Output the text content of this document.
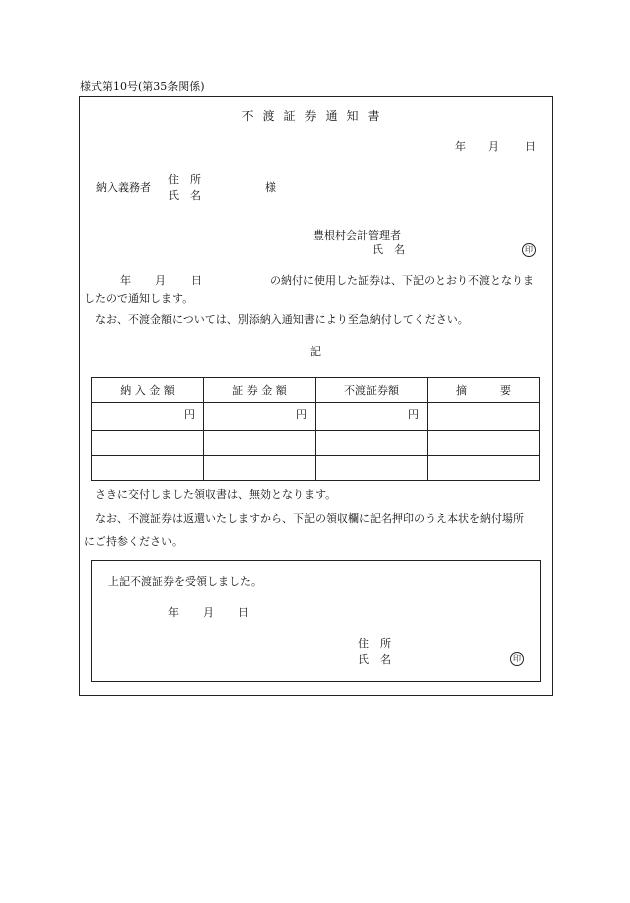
様式第10号(第35条関係)
不渡証券通知書
年 月 日
納入義務者
住　所
氏　名
様
豊根村会計管理者
氏　名	印
年 月 日	の納付に使用した証券は、下記のとおり不渡となりま
したので通知します。
なお、不渡金額については、別添納入通知書により至急納付してください。
記
納 入 金 額	証 券 金 額	不渡証券額	摘　　　要
円	円	円	

さきに交付しました領収書は、無効となります。
なお、不渡証券は返還いたしますから、下記の領収欄に記名押印のうえ本状を納付場所
にご持参ください。
上記不渡証券を受領しました。
年 月 日
住　所
氏　名	印
